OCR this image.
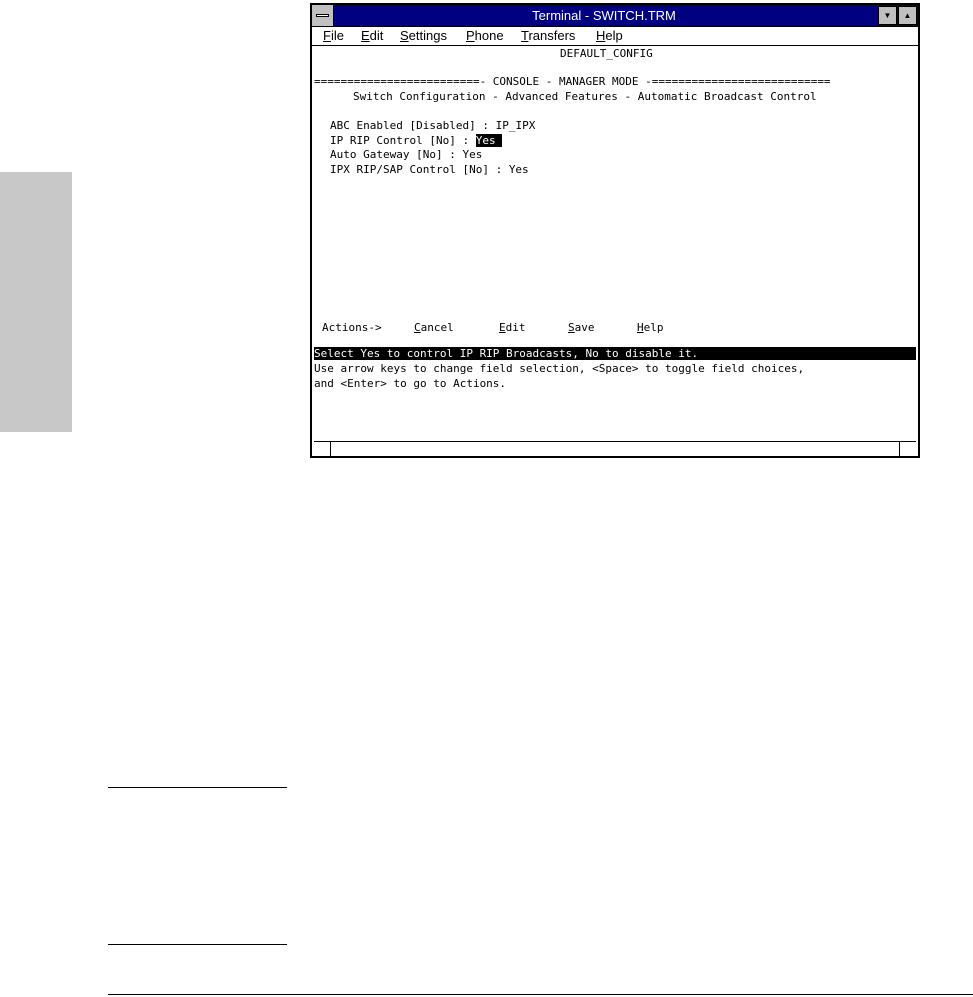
Terminal - SWITCH.TRM	▼	▲
File Edit Settings Phone Transfers Help
DEFAULT_CONFIG
=========================- CONSOLE - MANAGER MODE -===========================
Switch Configuration - Advanced Features - Automatic Broadcast Control
ABC Enabled [Disabled] : IP_IPX
IP RIP Control [No] : Yes
Auto Gateway [No] : Yes
IPX RIP/SAP Control [No] : Yes
Actions->	Cancel	Edit	Save	Help
Select Yes to control IP RIP Broadcasts, No to disable it.
Use arrow keys to change field selection, <Space> to toggle field choices,
and <Enter> to go to Actions.
